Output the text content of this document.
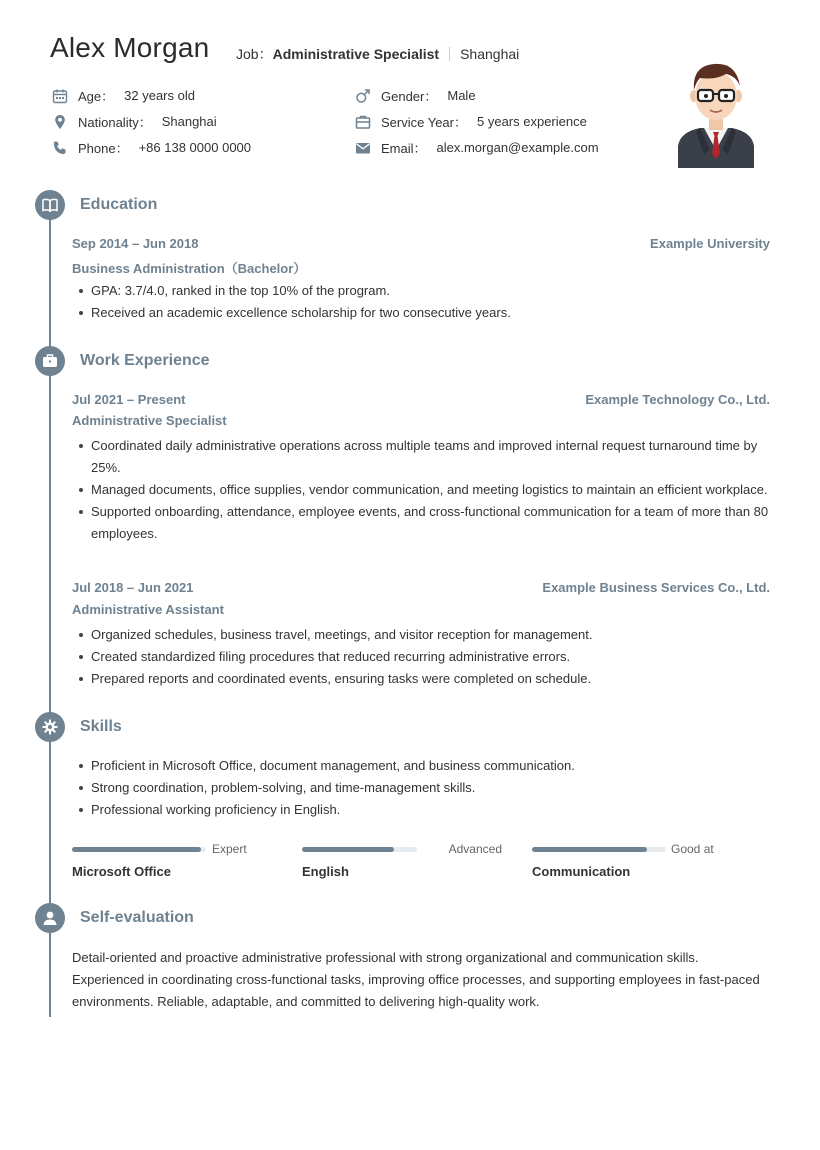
Alex Morgan Job： Administrative Specialist Shanghai
Age： 32 years old
Nationality： Shanghai
Phone： +86 138 0000 0000
Gender： Male
Service Year： 5 years experience
Email： alex.morgan@example.com
Education
Sep 2014 – Jun 2018	Example University
Business Administration（Bachelor）
GPA: 3.7/4.0, ranked in the top 10% of the program.
Received an academic excellence scholarship for two consecutive years.
Work Experience
Jul 2021 – Present	Example Technology Co., Ltd.
Administrative Specialist
Coordinated daily administrative operations across multiple teams and improved internal request turnaround time by 25%.
Managed documents, office supplies, vendor communication, and meeting logistics to maintain an efficient workplace.
Supported onboarding, attendance, employee events, and cross-functional communication for a team of more than 80 employees.
Jul 2018 – Jun 2021	Example Business Services Co., Ltd.
Administrative Assistant
Organized schedules, business travel, meetings, and visitor reception for management.
Created standardized filing procedures that reduced recurring administrative errors.
Prepared reports and coordinated events, ensuring tasks were completed on schedule.
Skills
Proficient in Microsoft Office, document management, and business communication.
Strong coordination, problem-solving, and time-management skills.
Professional working proficiency in English.
Expert
Microsoft Office
Advanced
English
Good at
Communication
Self-evaluation
Detail-oriented and proactive administrative professional with strong organizational and communication skills. Experienced in coordinating cross-functional tasks, improving office processes, and supporting employees in fast-paced environments. Reliable, adaptable, and committed to delivering high-quality work.
